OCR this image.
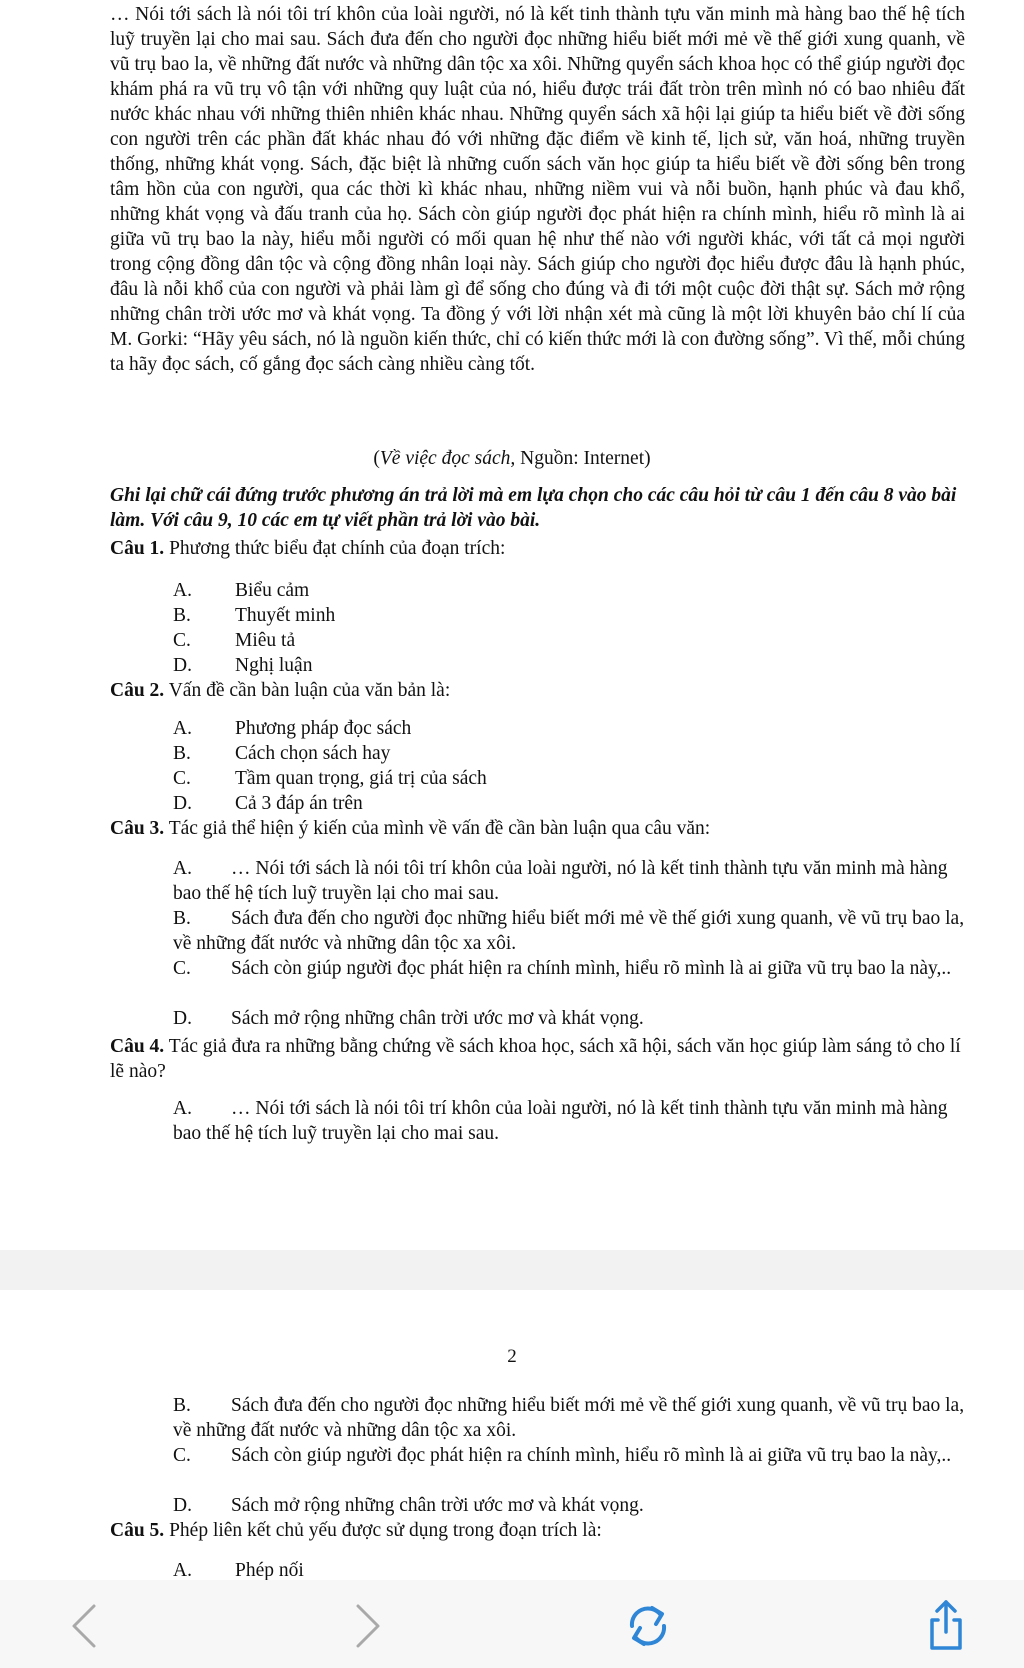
… Nói tới sách là nói tôi trí khôn của loài người, nó là kết tinh thành tựu văn minh mà hàng bao thế hệ tích luỹ truyền lại cho mai sau. Sách đưa đến cho người đọc những hiểu biết mới mẻ về thế giới xung quanh, về vũ trụ bao la, về những đất nước và những dân tộc xa xôi. Những quyển sách khoa học có thể giúp người đọc khám phá ra vũ trụ vô tận với những quy luật của nó, hiểu được trái đất tròn trên mình nó có bao nhiêu đất nước khác nhau với những thiên nhiên khác nhau. Những quyển sách xã hội lại giúp ta hiểu biết về đời sống con người trên các phần đất khác nhau đó với những đặc điểm về kinh tế, lịch sử, văn hoá, những truyền thống, những khát vọng. Sách, đặc biệt là những cuốn sách văn học giúp ta hiểu biết về đời sống bên trong tâm hồn của con người, qua các thời kì khác nhau, những niềm vui và nỗi buồn, hạnh phúc và đau khổ, những khát vọng và đấu tranh của họ. Sách còn giúp người đọc phát hiện ra chính mình, hiểu rõ mình là ai giữa vũ trụ bao la này, hiểu mỗi người có mối quan hệ như thế nào với người khác, với tất cả mọi người trong cộng đồng dân tộc và cộng đồng nhân loại này. Sách giúp cho người đọc hiểu được đâu là hạnh phúc, đâu là nỗi khổ của con người và phải làm gì để sống cho đúng và đi tới một cuộc đời thật sự. Sách mở rộng những chân trời ước mơ và khát vọng. Ta đồng ý với lời nhận xét mà cũng là một lời khuyên bảo chí lí của M. Gorki: “Hãy yêu sách, nó là nguồn kiến thức, chỉ có kiến thức mới là con đường sống”. Vì thế, mỗi chúng ta hãy đọc sách, cố gắng đọc sách càng nhiều càng tốt.
(Về việc đọc sách, Nguồn: Internet)
Ghi lại chữ cái đứng trước phương án trả lời mà em lựa chọn cho các câu hỏi từ câu 1 đến câu 8 vào bài làm. Với câu 9, 10 các em tự viết phần trả lời vào bài.
Câu 1. Phương thức biểu đạt chính của đoạn trích:
A. Biểu cảm
B. Thuyết minh
C. Miêu tả
D. Nghị luận
Câu 2. Vấn đề cần bàn luận của văn bản là:
A. Phương pháp đọc sách
B. Cách chọn sách hay
C. Tầm quan trọng, giá trị của sách
D. Cả 3 đáp án trên
Câu 3. Tác giả thể hiện ý kiến của mình về vấn đề cần bàn luận qua câu văn:
A. … Nói tới sách là nói tôi trí khôn của loài người, nó là kết tinh thành tựu văn minh mà hàng bao thế hệ tích luỹ truyền lại cho mai sau.
B. Sách đưa đến cho người đọc những hiểu biết mới mẻ về thế giới xung quanh, về vũ trụ bao la, về những đất nước và những dân tộc xa xôi.
C. Sách còn giúp người đọc phát hiện ra chính mình, hiểu rõ mình là ai giữa vũ trụ bao la này,..
D. Sách mở rộng những chân trời ước mơ và khát vọng.
Câu 4. Tác giả đưa ra những bằng chứng về sách khoa học, sách xã hội, sách văn học giúp làm sáng tỏ cho lí lẽ nào?
A. … Nói tới sách là nói tôi trí khôn của loài người, nó là kết tinh thành tựu văn minh mà hàng bao thế hệ tích luỹ truyền lại cho mai sau.
2
B. Sách đưa đến cho người đọc những hiểu biết mới mẻ về thế giới xung quanh, về vũ trụ bao la, về những đất nước và những dân tộc xa xôi.
C. Sách còn giúp người đọc phát hiện ra chính mình, hiểu rõ mình là ai giữa vũ trụ bao la này,..
D. Sách mở rộng những chân trời ước mơ và khát vọng.
Câu 5. Phép liên kết chủ yếu được sử dụng trong đoạn trích là:
A. Phép nối
